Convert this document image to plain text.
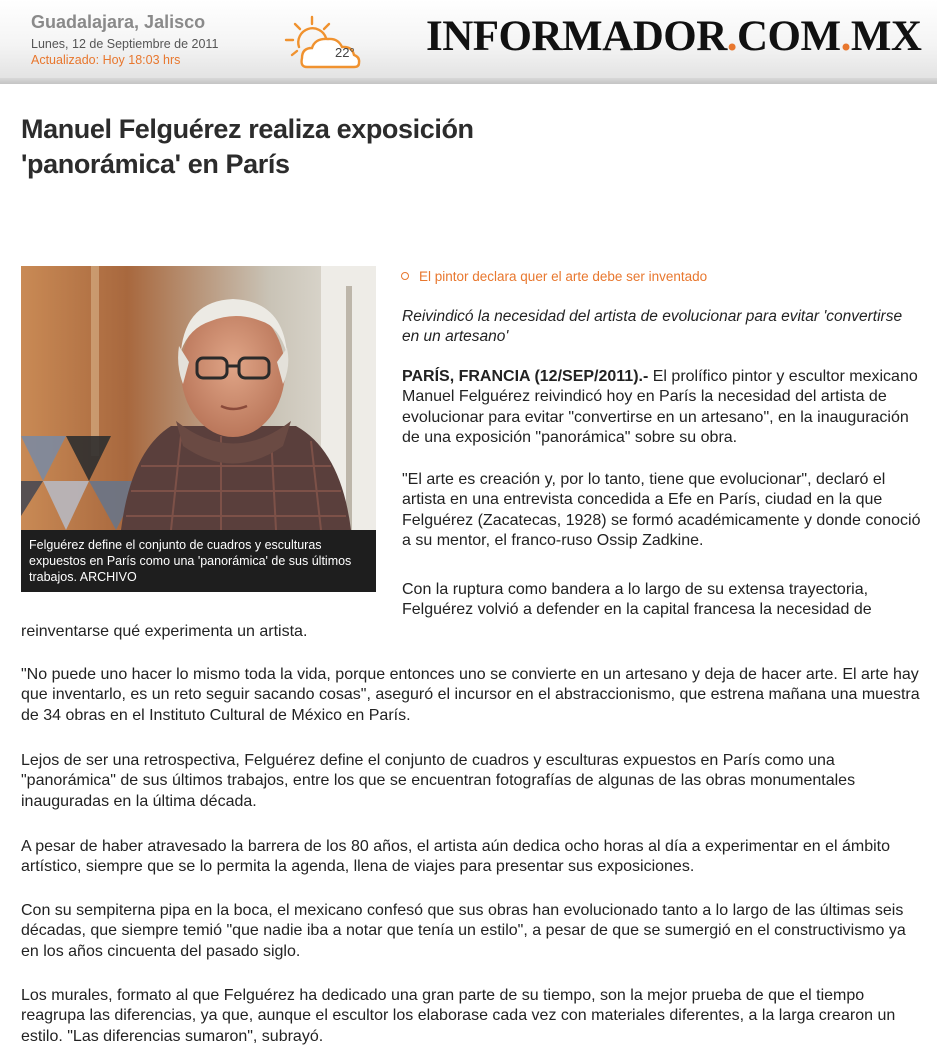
Guadalajara, Jalisco
Lunes, 12 de Septiembre de 2011
Actualizado: Hoy 18:03 hrs	22° INFORMADOR.COM.MX
Manuel Felguérez realiza exposición
'panorámica' en París
Felguérez define el conjunto de cuadros y esculturas expuestos en París como una 'panorámica' de sus últimos trabajos. ARCHIVO
El pintor declara quer el arte debe ser inventado
Reivindicó la necesidad del artista de evolucionar para evitar 'convertirse en un artesano'
PARÍS, FRANCIA (12/SEP/2011).- El prolífico pintor y escultor mexicano Manuel Felguérez reivindicó hoy en París la necesidad del artista de evolucionar para evitar "convertirse en un artesano", en la inauguración de una exposición "panorámica" sobre su obra.
"El arte es creación y, por lo tanto, tiene que evolucionar", declaró el artista en una entrevista concedida a Efe en París, ciudad en la que Felguérez (Zacatecas, 1928) se formó académicamente y donde conoció a su mentor, el franco-ruso Ossip Zadkine.
Con la ruptura como bandera a lo largo de su extensa trayectoria,
Felguérez volvió a defender en la capital francesa la necesidad de
reinventarse qué experimenta un artista.
"No puede uno hacer lo mismo toda la vida, porque entonces uno se convierte en un artesano y deja de hacer arte. El arte hay que inventarlo, es un reto seguir sacando cosas", aseguró el incursor en el abstraccionismo, que estrena mañana una muestra de 34 obras en el Instituto Cultural de México en París.
Lejos de ser una retrospectiva, Felguérez define el conjunto de cuadros y esculturas expuestos en París como una "panorámica" de sus últimos trabajos, entre los que se encuentran fotografías de algunas de las obras monumentales inauguradas en la última década.
A pesar de haber atravesado la barrera de los 80 años, el artista aún dedica ocho horas al día a experimentar en el ámbito artístico, siempre que se lo permita la agenda, llena de viajes para presentar sus exposiciones.
Con su sempiterna pipa en la boca, el mexicano confesó que sus obras han evolucionado tanto a lo largo de las últimas seis décadas, que siempre temió "que nadie iba a notar que tenía un estilo", a pesar de que se sumergió en el constructivismo ya en los años cincuenta del pasado siglo.
Los murales, formato al que Felguérez ha dedicado una gran parte de su tiempo, son la mejor prueba de que el tiempo reagrupa las diferencias, ya que, aunque el escultor los elaborase cada vez con materiales diferentes, a la larga crearon un estilo. "Las diferencias sumaron", subrayó.
